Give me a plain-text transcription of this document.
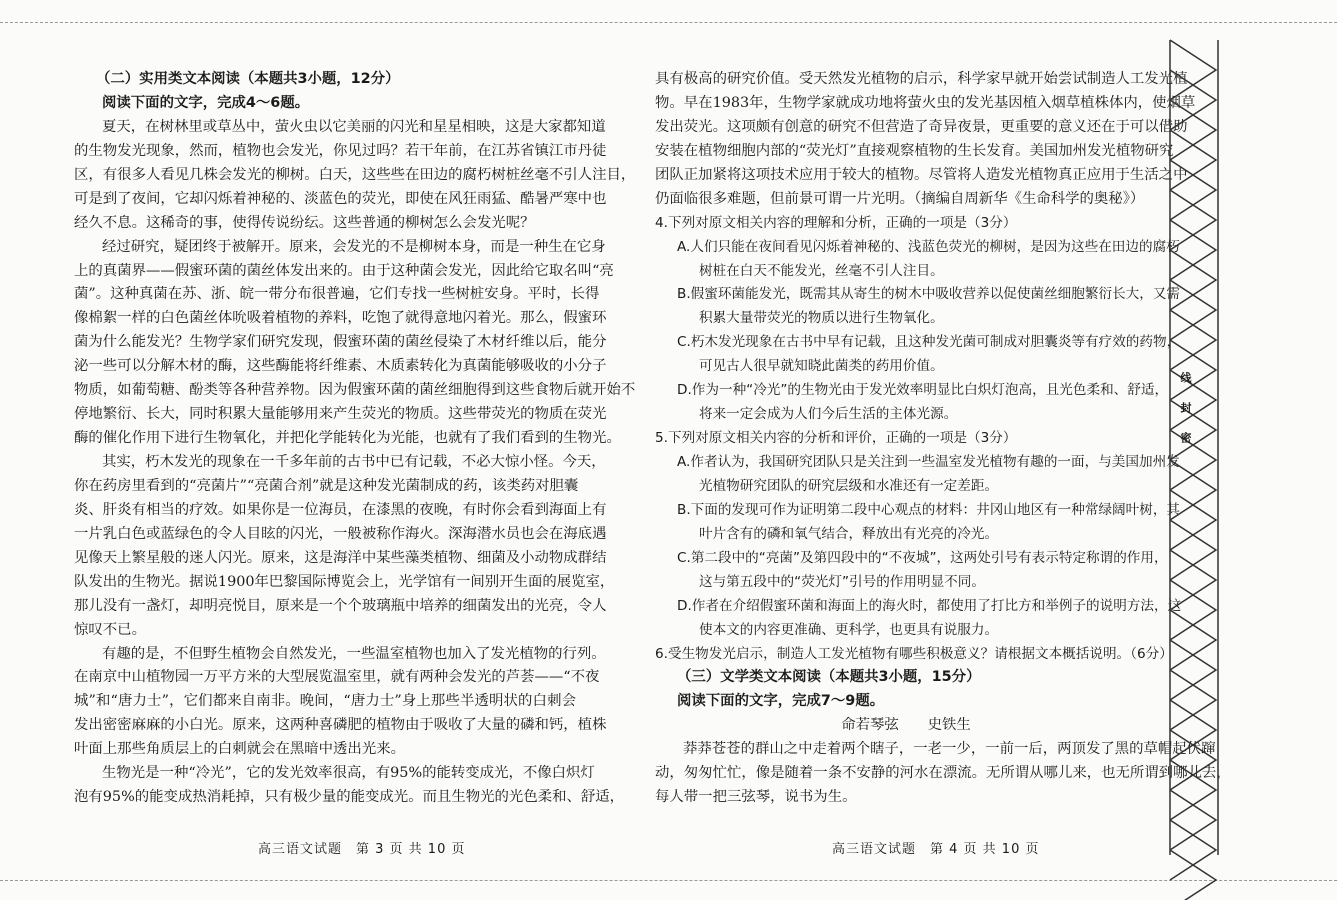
（二）实用类文本阅读（本题共3小题，12分）
阅读下面的文字，完成4～6题。
夏天，在树林里或草丛中，萤火虫以它美丽的闪光和星星相映，这是大家都知道
的生物发光现象，然而，植物也会发光，你见过吗？若干年前，在江苏省镇江市丹徒
区，有很多人看见几株会发光的柳树。白天，这些些在田边的腐朽树桩丝毫不引人注目，
可是到了夜间，它却闪烁着神秘的、淡蓝色的荧光，即使在风狂雨猛、酷暑严寒中也
经久不息。这稀奇的事，使得传说纷纭。这些普通的柳树怎么会发光呢？
经过研究，疑团终于被解开。原来，会发光的不是柳树本身，而是一种生在它身
上的真菌界——假蜜环菌的菌丝体发出来的。由于这种菌会发光，因此给它取名叫“亮
菌”。这种真菌在苏、浙、皖一带分布很普遍，它们专找一些树桩安身。平时，长得
像棉絮一样的白色菌丝体吮吸着植物的养料，吃饱了就得意地闪着光。那么，假蜜环
菌为什么能发光？生物学家们研究发现，假蜜环菌的菌丝侵染了木材纤维以后，能分
泌一些可以分解木材的酶，这些酶能将纤维素、木质素转化为真菌能够吸收的小分子
物质，如葡萄糖、酚类等各种营养物。因为假蜜环菌的菌丝细胞得到这些食物后就开始不
停地繁衍、长大，同时积累大量能够用来产生荧光的物质。这些带荧光的物质在荧光
酶的催化作用下进行生物氧化，并把化学能转化为光能，也就有了我们看到的生物光。
其实，朽木发光的现象在一千多年前的古书中已有记载，不必大惊小怪。今天，
你在药房里看到的“亮菌片”“亮菌合剂”就是这种发光菌制成的药，该类药对胆囊
炎、肝炎有相当的疗效。如果你是一位海员，在漆黑的夜晚，有时你会看到海面上有
一片乳白色或蓝绿色的令人目眩的闪光，一般被称作海火。深海潜水员也会在海底遇
见像天上繁星般的迷人闪光。原来，这是海洋中某些藻类植物、细菌及小动物成群结
队发出的生物光。据说1900年巴黎国际博览会上，光学馆有一间别开生面的展览室，
那儿没有一盏灯，却明亮悦目，原来是一个个玻璃瓶中培养的细菌发出的光亮，令人
惊叹不已。
有趣的是，不但野生植物会自然发光，一些温室植物也加入了发光植物的行列。
在南京中山植物园一万平方米的大型展览温室里，就有两种会发光的芦荟——“不夜
城”和“唐力士”，它们都来自南非。晚间，“唐力士”身上那些半透明状的白刺会
发出密密麻麻的小白光。原来，这两种喜磷肥的植物由于吸收了大量的磷和钙，植株
叶面上那些角质层上的白刺就会在黑暗中透出光来。
生物光是一种“冷光”，它的发光效率很高，有95%的能转变成光，不像白炽灯
泡有95%的能变成热消耗掉，只有极少量的能变成光。而且生物光的光色柔和、舒适，
高三语文试题　第 3 页 共 10 页
具有极高的研究价值。受天然发光植物的启示，科学家早就开始尝试制造人工发光植
物。早在1983年，生物学家就成功地将萤火虫的发光基因植入烟草植株体内，使烟草
发出荧光。这项颇有创意的研究不但营造了奇异夜景，更重要的意义还在于可以借助
安装在植物细胞内部的“荧光灯”直接观察植物的生长发育。美国加州发光植物研究
团队正加紧将这项技术应用于较大的植物。尽管将人造发光植物真正应用于生活之中
仍面临很多难题，但前景可谓一片光明。（摘编自周新华《生命科学的奥秘》）
4.下列对原文相关内容的理解和分析，正确的一项是（3分）
A.人们只能在夜间看见闪烁着神秘的、浅蓝色荧光的柳树，是因为这些在田边的腐朽
树桩在白天不能发光，丝毫不引人注目。
B.假蜜环菌能发光，既需其从寄生的树木中吸收营养以促使菌丝细胞繁衍长大，又需
积累大量带荧光的物质以进行生物氧化。
C.朽木发光现象在古书中早有记载，且这种发光菌可制成对胆囊炎等有疗效的药物，
可见古人很早就知晓此菌类的药用价值。
D.作为一种“冷光”的生物光由于发光效率明显比白炽灯泡高，且光色柔和、舒适，
将来一定会成为人们今后生活的主体光源。
5.下列对原文相关内容的分析和评价，正确的一项是（3分）
A.作者认为，我国研究团队只是关注到一些温室发光植物有趣的一面，与美国加州发
光植物研究团队的研究层级和水准还有一定差距。
B.下面的发现可作为证明第二段中心观点的材料：井冈山地区有一种常绿阔叶树，其
叶片含有的磷和氧气结合，释放出有光亮的冷光。
C.第二段中的“亮菌”及第四段中的“不夜城”，这两处引号有表示特定称谓的作用，
这与第五段中的“荧光灯”引号的作用明显不同。
D.作者在介绍假蜜环菌和海面上的海火时，都使用了打比方和举例子的说明方法，这
使本文的内容更准确、更科学，也更具有说服力。
6.受生物发光启示，制造人工发光植物有哪些积极意义？请根据文本概括说明。（6分）
（三）文学类文本阅读（本题共3小题，15分）
阅读下面的文字，完成7～9题。
命若琴弦　　史铁生
莽莽苍苍的群山之中走着两个瞎子，一老一少，一前一后，两顶发了黑的草帽起伏蹿
动，匆匆忙忙，像是随着一条不安静的河水在漂流。无所谓从哪儿来，也无所谓到哪儿去，
每人带一把三弦琴，说书为生。
高三语文试题　第 4 页 共 10 页
线
封
密
